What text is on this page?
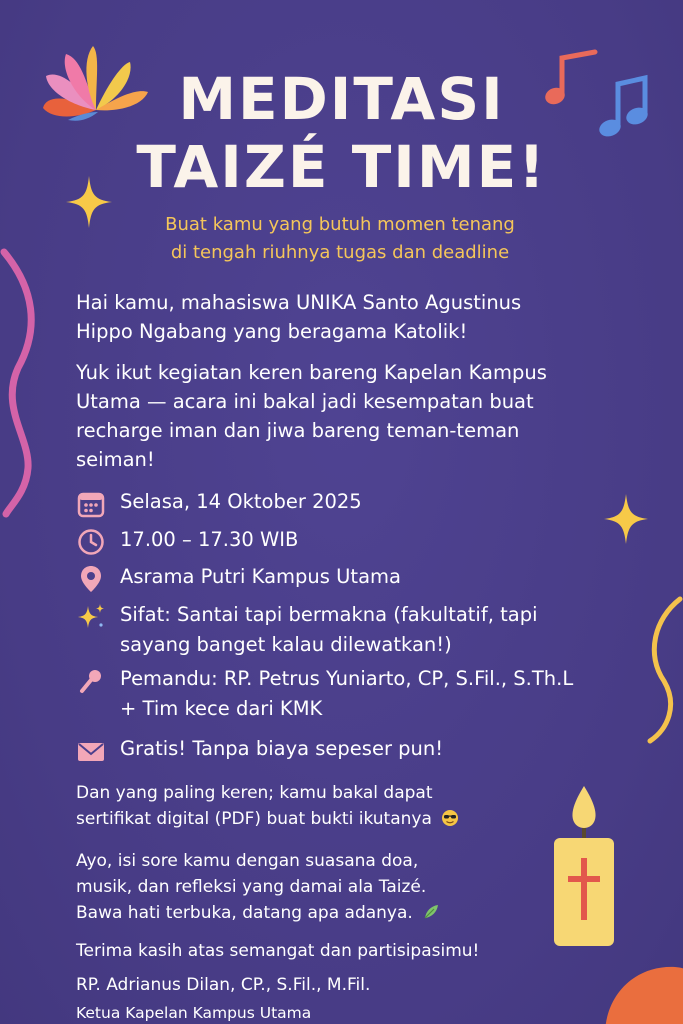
MEDITASI
TAIZÉ TIME!
Buat kamu yang butuh momen tenang
di tengah riuhnya tugas dan deadline
Hai kamu, mahasiswa UNIKA Santo Agustinus
Hippo Ngabang yang beragama Katolik!
Yuk ikut kegiatan keren bareng Kapelan Kampus
Utama — acara ini bakal jadi kesempatan buat
recharge iman dan jiwa bareng teman-teman
seiman!
Selasa, 14 Oktober 2025
17.00 – 17.30 WIB
Asrama Putri Kampus Utama
Sifat: Santai tapi bermakna (fakultatif, tapi
sayang banget kalau dilewatkan!)
Pemandu: RP. Petrus Yuniarto, CP, S.Fil., S.Th.L
+ Tim kece dari KMK
Gratis! Tanpa biaya sepeser pun!
Dan yang paling keren; kamu bakal dapat
sertifikat digital (PDF) buat bukti ikutanya
Ayo, isi sore kamu dengan suasana doa,
musik, dan refleksi yang damai ala Taizé.
Bawa hati terbuka, datang apa adanya.
Terima kasih atas semangat dan partisipasimu!
RP. Adrianus Dilan, CP., S.Fil., M.Fil.
Ketua Kapelan Kampus Utama
